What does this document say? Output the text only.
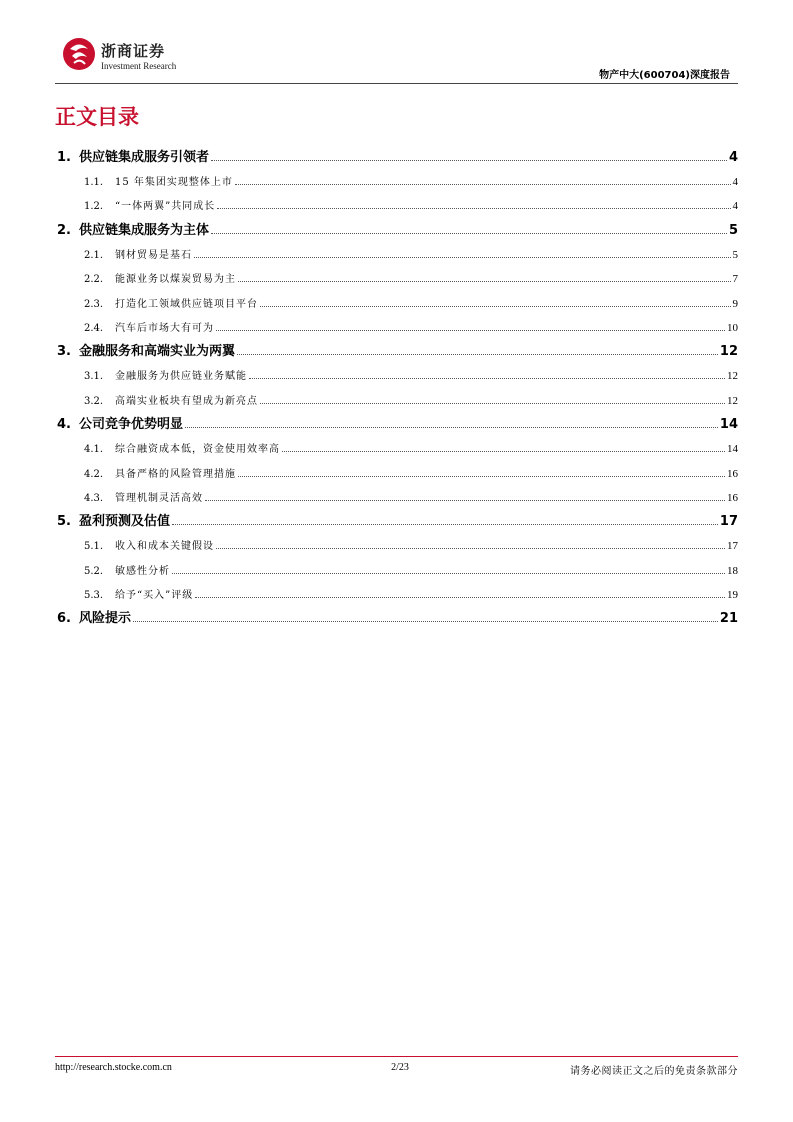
浙商证券
Investment Research
物产中大(600704)深度报告
正文目录
1. 供应链集成服务引领者	4
1.1. 15 年集团实现整体上市	4
1.2. “一体两翼”共同成长	4
2. 供应链集成服务为主体	5
2.1. 钢材贸易是基石	5
2.2. 能源业务以煤炭贸易为主	7
2.3. 打造化工领域供应链项目平台	9
2.4. 汽车后市场大有可为	10
3. 金融服务和高端实业为两翼	12
3.1. 金融服务为供应链业务赋能	12
3.2. 高端实业板块有望成为新亮点	12
4. 公司竞争优势明显	14
4.1. 综合融资成本低，资金使用效率高	14
4.2. 具备严格的风险管理措施	16
4.3. 管理机制灵活高效	16
5. 盈利预测及估值	17
5.1. 收入和成本关键假设	17
5.2. 敏感性分析	18
5.3. 给予“买入”评级	19
6. 风险提示	21
http://research.stocke.com.cn	2/23	请务必阅读正文之后的免责条款部分
